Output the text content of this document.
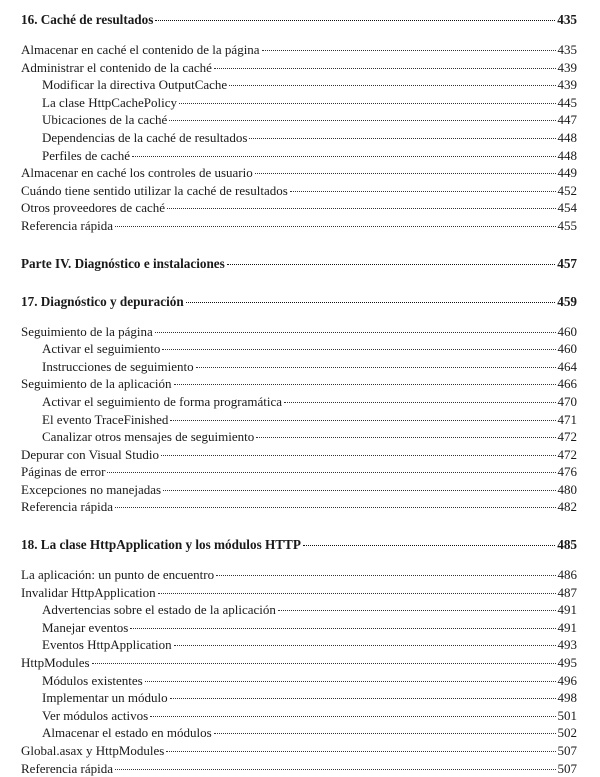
16. Caché de resultados	435
Almacenar en caché el contenido de la página	435
Administrar el contenido de la caché	439
Modificar la directiva OutputCache	439
La clase HttpCachePolicy	445
Ubicaciones de la caché	447
Dependencias de la caché de resultados	448
Perfiles de caché	448
Almacenar en caché los controles de usuario	449
Cuándo tiene sentido utilizar la caché de resultados	452
Otros proveedores de caché	454
Referencia rápida	455
Parte IV. Diagnóstico e instalaciones	457
17. Diagnóstico y depuración	459
Seguimiento de la página	460
Activar el seguimiento	460
Instrucciones de seguimiento	464
Seguimiento de la aplicación	466
Activar el seguimiento de forma programática	470
El evento TraceFinished	471
Canalizar otros mensajes de seguimiento	472
Depurar con Visual Studio	472
Páginas de error	476
Excepciones no manejadas	480
Referencia rápida	482
18. La clase HttpApplication y los módulos HTTP	485
La aplicación: un punto de encuentro	486
Invalidar HttpApplication	487
Advertencias sobre el estado de la aplicación	491
Manejar eventos	491
Eventos HttpApplication	493
HttpModules	495
Módulos existentes	496
Implementar un módulo	498
Ver módulos activos	501
Almacenar el estado en módulos	502
Global.asax y HttpModules	507
Referencia rápida	507
